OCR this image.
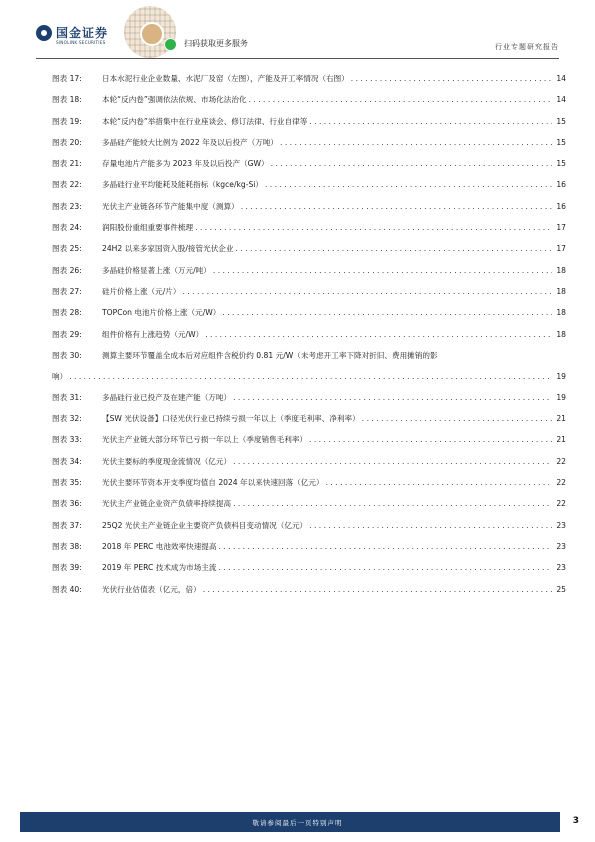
国金证券
SINOLINK SECURITIES	扫码获取更多服务	行业专题研究报告
图表 17:	日本水泥行业企业数量、水泥厂及窑（左图），产能及开工率情况（右图） . . .	14
图表 18:	本轮“反内卷”强调依法依规、市场化法治化 . . .	14
图表 19:	本轮“反内卷”举措集中在行业座谈会、修订法律、行业自律等 . . .	15
图表 20:	多晶硅产能较大比例为 2022 年及以后投产（万吨） . . .	15
图表 21:	存量电池片产能多为 2023 年及以后投产（GW） . . .	15
图表 22:	多晶硅行业平均能耗及能耗指标（kgce/kg-Si） . . .	16
图表 23:	光伏主产业链各环节产能集中度（测算） . . .	16
图表 24:	润阳股份重组重要事件梳理 . . .	17
图表 25:	24H2 以来多家国资入股/接管光伏企业 . . .	17
图表 26:	多晶硅价格显著上涨（万元/吨） . . .	18
图表 27:	硅片价格上涨（元/片） . . .	18
图表 28:	TOPCon 电池片价格上涨（元/W） . . .	18
图表 29:	组件价格有上涨趋势（元/W） . . .	18
图表 30:	测算主要环节覆盖全成本后对应组件含税价约 0.81 元/W（未考虑开工率下降对折旧、费用摊销的影
响） . . .	19
图表 31:	多晶硅行业已投产及在建产能（万吨） . . .	19
图表 32:	【SW 光伏设备】口径光伏行业已持续亏损一年以上（季度毛利率、净利率） . . .	21
图表 33:	光伏主产业链大部分环节已亏损一年以上（季度销售毛利率） . . .	21
图表 34:	光伏主要标的季度现金流情况（亿元） . . .	22
图表 35:	光伏主要环节资本开支季度均值自 2024 年以来快速回落（亿元） . . .	22
图表 36:	光伏主产业链企业资产负债率持续提高 . . .	22
图表 37:	25Q2 光伏主产业链企业主要资产负债科目变动情况（亿元） . . .	23
图表 38:	2018 年 PERC 电池效率快速提高 . . .	23
图表 39:	2019 年 PERC 技术成为市场主流 . . .	23
图表 40:	光伏行业估值表（亿元，倍） . . .	25
敬请参阅最后一页特别声明	3
